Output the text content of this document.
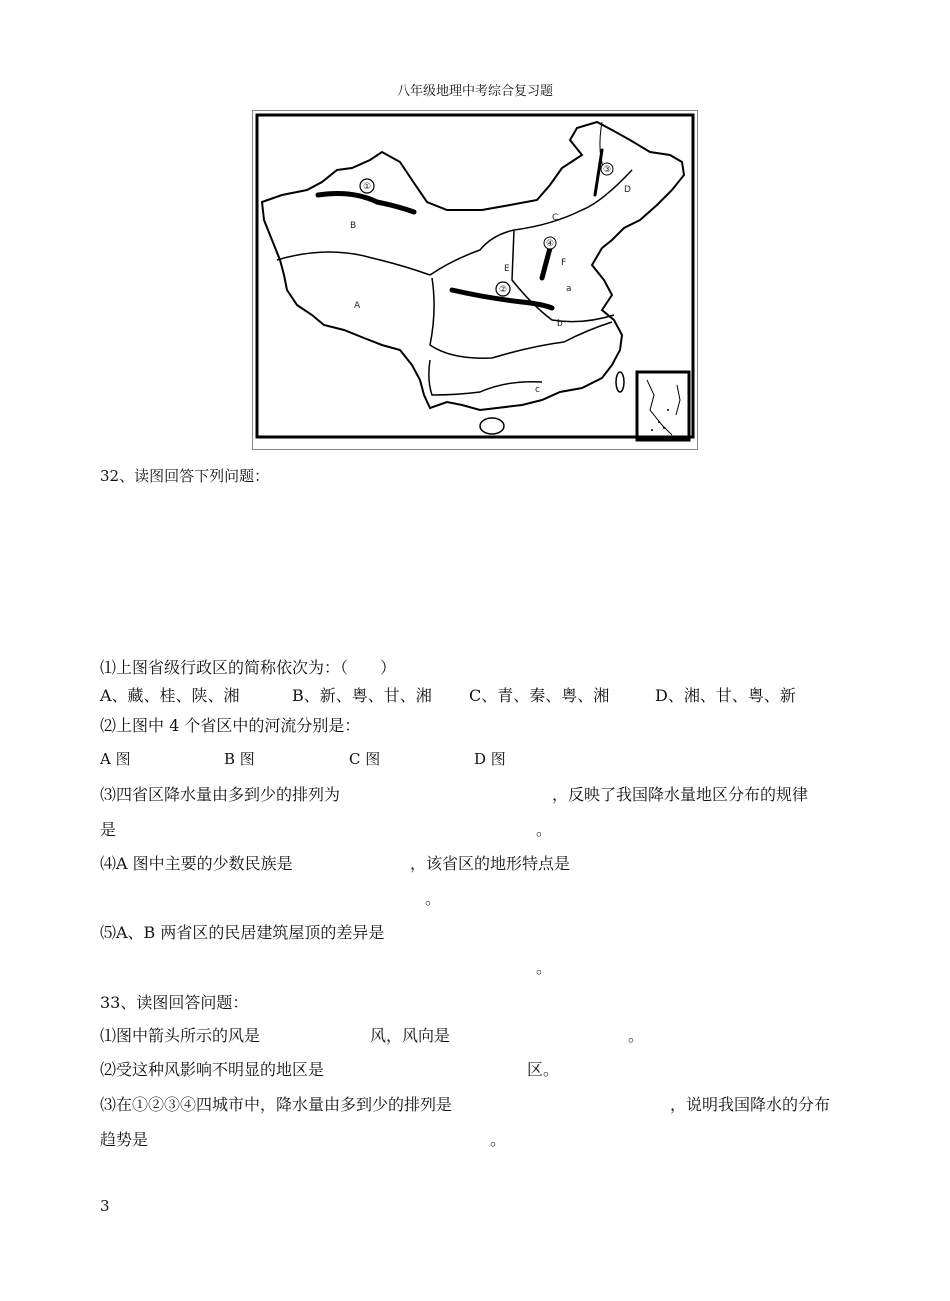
八年级地理中考综合复习题
①
②
③
④
A
B
C
D
E
F
a
b
c
32、读图回答下列问题：
⑴上图省级行政区的简称依次为：（　　）
A、藏、桂、陕、湘	B、新、粤、甘、湘 C、青、秦、粤、湘	D、湘、甘、粤、新
⑵上图中 4 个省区中的河流分别是：
A 图	B 图	C 图	D 图
⑶四省区降水量由多到少的排列为	，反映了我国降水量地区分布的规律
是	。
⑷A 图中主要的少数民族是	，该省区的地形特点是
。
⑸A、B 两省区的民居建筑屋顶的差异是
。
33、读图回答问题：
⑴图中箭头所示的风是	风，风向是	。
⑵受这种风影响不明显的地区是	区。
⑶在①②③④四城市中，降水量由多到少的排列是	，说明我国降水的分布
趋势是	。
3
